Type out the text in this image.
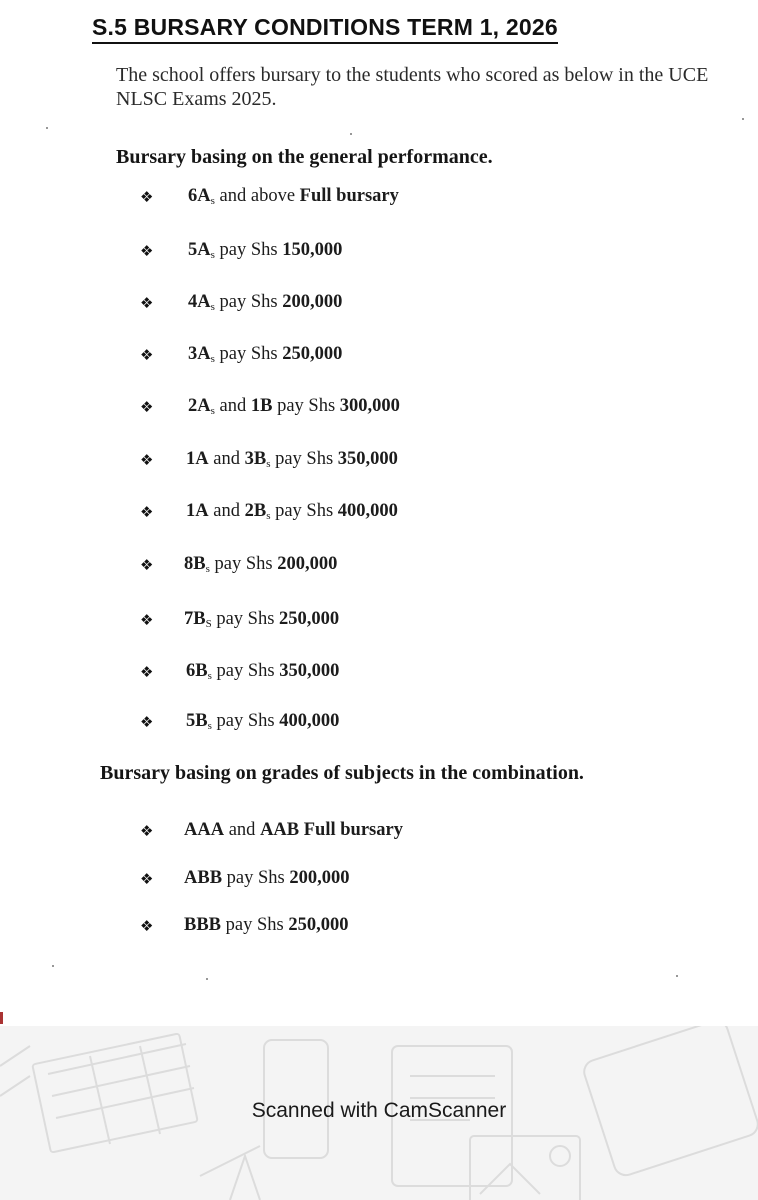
S.5 BURSARY CONDITIONS TERM 1, 2026
The school offers bursary to the students who scored as below in the UCE NLSC Exams 2025.
Bursary basing on the general performance.
❖ $6A_s$ and above Full bursary
❖ $5A_s$ pay Shs 150,000
❖ $4A_s$ pay Shs 200,000
❖ $3A_s$ pay Shs 250,000
❖ $2A_s$ and 1B pay Shs 300,000
❖ 1A and $3B_s$ pay Shs 350,000
❖ 1A and $2B_s$ pay Shs 400,000
❖ $8B_s$ pay Shs 200,000
❖ $7B_S$ pay Shs 250,000
❖ $6B_s$ pay Shs 350,000
❖ $5B_s$ pay Shs 400,000
Bursary basing on grades of subjects in the combination.
❖ AAA and AAB Full bursary
❖ ABB pay Shs 200,000
❖ BBB pay Shs 250,000
Scanned with CamScanner
